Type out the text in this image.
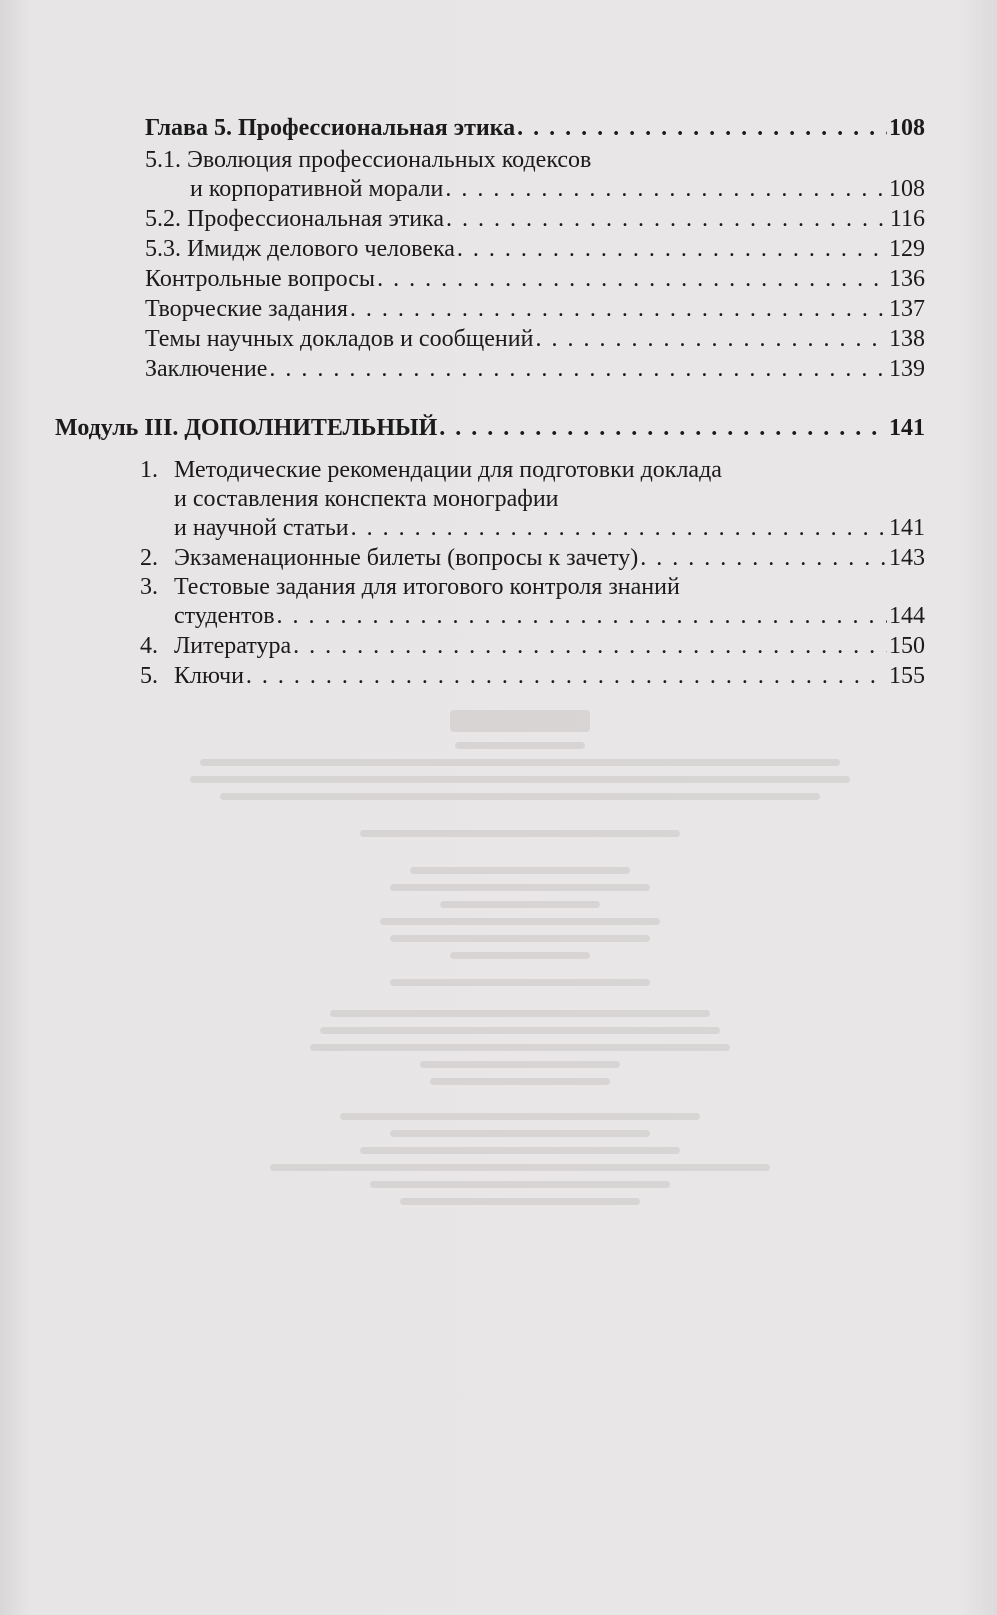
Глава 5. Профессиональная этика . . .	108
5.1. Эволюция профессиональных кодексов
и корпоративной морали . . .	108
5.2. Профессиональная этика . . .	116
5.3. Имидж делового человека . . .	129
Контрольные вопросы . . .	136
Творческие задания . . .	137
Темы научных докладов и сообщений . . .	138
Заключение . . .	139
Модуль III. ДОПОЛНИТЕЛЬНЫЙ . . .	141
1. Методические рекомендации для подготовки доклада
и составления конспекта монографии
и научной статьи . . .	141
2. Экзаменационные билеты (вопросы к зачету) . . .	143
3. Тестовые задания для итогового контроля знаний
студентов . . .	144
4. Литература . . .	150
5. Ключи . . .	155
